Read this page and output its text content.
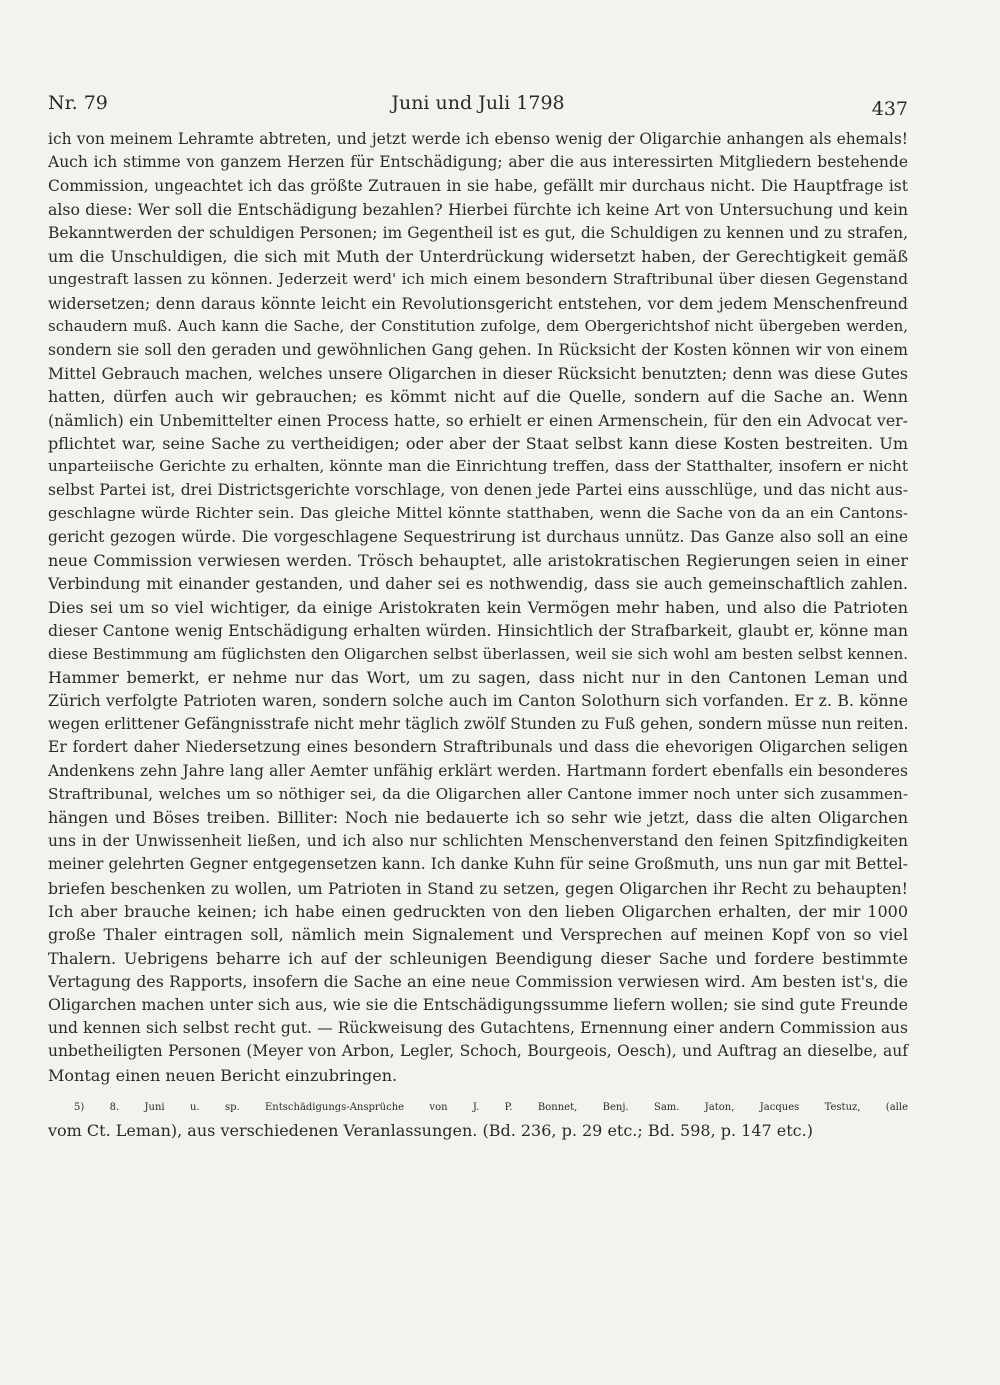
Nr. 79	Juni und Juli 1798	437
ich von meinem Lehramte abtreten, und jetzt werde ich ebenso wenig der Oligarchie anhangen als ehemals!
Auch ich stimme von ganzem Herzen für Entschädigung; aber die aus interessirten Mitgliedern bestehende
Commission, ungeachtet ich das größte Zutrauen in sie habe, gefällt mir durchaus nicht. Die Hauptfrage ist
also diese: Wer soll die Entschädigung bezahlen? Hierbei fürchte ich keine Art von Untersuchung und kein
Bekanntwerden der schuldigen Personen; im Gegentheil ist es gut, die Schuldigen zu kennen und zu strafen,
um die Unschuldigen, die sich mit Muth der Unterdrückung widersetzt haben, der Gerechtigkeit gemäß
ungestraft lassen zu können. Jederzeit werd' ich mich einem besondern Straftribunal über diesen Gegenstand
widersetzen; denn daraus könnte leicht ein Revolutionsgericht entstehen, vor dem jedem Menschenfreund
schaudern muß. Auch kann die Sache, der Constitution zufolge, dem Obergerichtshof nicht übergeben werden,
sondern sie soll den geraden und gewöhnlichen Gang gehen. In Rücksicht der Kosten können wir von einem
Mittel Gebrauch machen, welches unsere Oligarchen in dieser Rücksicht benutzten; denn was diese Gutes
hatten, dürfen auch wir gebrauchen; es kömmt nicht auf die Quelle, sondern auf die Sache an. Wenn
(nämlich) ein Unbemittelter einen Process hatte, so erhielt er einen Armenschein, für den ein Advocat ver-
pflichtet war, seine Sache zu vertheidigen; oder aber der Staat selbst kann diese Kosten bestreiten. Um
unparteiische Gerichte zu erhalten, könnte man die Einrichtung treffen, dass der Statthalter, insofern er nicht
selbst Partei ist, drei Districtsgerichte vorschlage, von denen jede Partei eins ausschlüge, und das nicht aus-
geschlagne würde Richter sein. Das gleiche Mittel könnte statthaben, wenn die Sache von da an ein Cantons-
gericht gezogen würde. Die vorgeschlagene Sequestrirung ist durchaus unnütz. Das Ganze also soll an eine
neue Commission verwiesen werden. Trösch behauptet, alle aristokratischen Regierungen seien in einer
Verbindung mit einander gestanden, und daher sei es nothwendig, dass sie auch gemeinschaftlich zahlen.
Dies sei um so viel wichtiger, da einige Aristokraten kein Vermögen mehr haben, und also die Patrioten
dieser Cantone wenig Entschädigung erhalten würden. Hinsichtlich der Strafbarkeit, glaubt er, könne man
diese Bestimmung am füglichsten den Oligarchen selbst überlassen, weil sie sich wohl am besten selbst kennen.
Hammer bemerkt, er nehme nur das Wort, um zu sagen, dass nicht nur in den Cantonen Leman und
Zürich verfolgte Patrioten waren, sondern solche auch im Canton Solothurn sich vorfanden. Er z. B. könne
wegen erlittener Gefängnisstrafe nicht mehr täglich zwölf Stunden zu Fuß gehen, sondern müsse nun reiten.
Er fordert daher Niedersetzung eines besondern Straftribunals und dass die ehevorigen Oligarchen seligen
Andenkens zehn Jahre lang aller Aemter unfähig erklärt werden. Hartmann fordert ebenfalls ein besonderes
Straftribunal, welches um so nöthiger sei, da die Oligarchen aller Cantone immer noch unter sich zusammen-
hängen und Böses treiben. Billiter: Noch nie bedauerte ich so sehr wie jetzt, dass die alten Oligarchen
uns in der Unwissenheit ließen, und ich also nur schlichten Menschenverstand den feinen Spitzfindigkeiten
meiner gelehrten Gegner entgegensetzen kann. Ich danke Kuhn für seine Großmuth, uns nun gar mit Bettel-
briefen beschenken zu wollen, um Patrioten in Stand zu setzen, gegen Oligarchen ihr Recht zu behaupten!
Ich aber brauche keinen; ich habe einen gedruckten von den lieben Oligarchen erhalten, der mir 1000
große Thaler eintragen soll, nämlich mein Signalement und Versprechen auf meinen Kopf von so viel
Thalern. Uebrigens beharre ich auf der schleunigen Beendigung dieser Sache und fordere bestimmte
Vertagung des Rapports, insofern die Sache an eine neue Commission verwiesen wird. Am besten ist's, die
Oligarchen machen unter sich aus, wie sie die Entschädigungssumme liefern wollen; sie sind gute Freunde
und kennen sich selbst recht gut. — Rückweisung des Gutachtens, Ernennung einer andern Commission aus
unbetheiligten Personen (Meyer von Arbon, Legler, Schoch, Bourgeois, Oesch), und Auftrag an dieselbe, auf
Montag einen neuen Bericht einzubringen.
5) 8. Juni u. sp. Entschädigungs-Ansprüche von J. P. Bonnet, Benj. Sam. Jaton, Jacques Testuz, (alle
vom Ct. Leman), aus verschiedenen Veranlassungen. (Bd. 236, p. 29 etc.; Bd. 598, p. 147 etc.)
